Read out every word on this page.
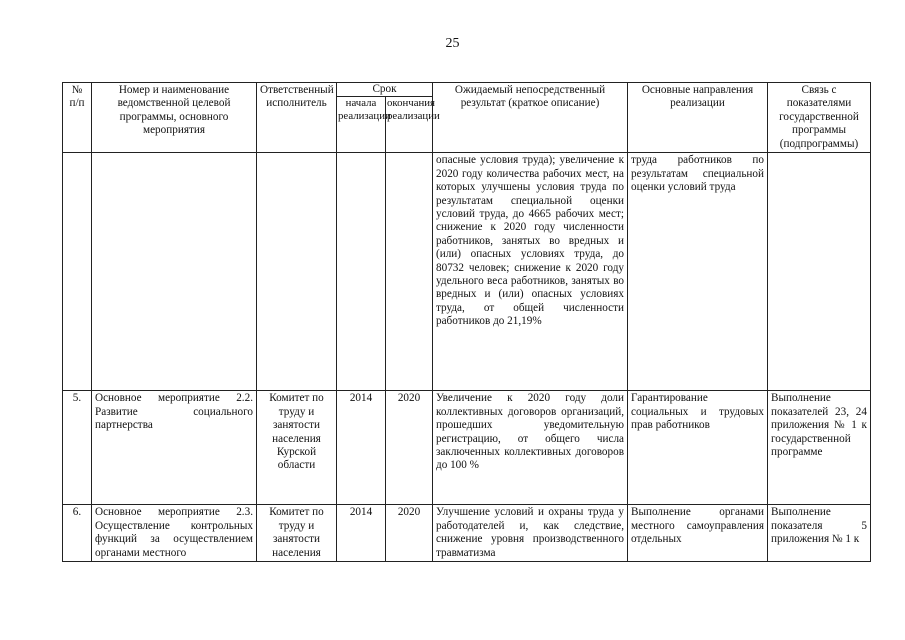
25
№ п/п	Номер и наименование ведомственной целевой программы, основного мероприятия	Ответственный исполнитель	Срок		Ожидаемый непосредственный результат (краткое описание)	Основные направления реализации	Связь с показателями государственной программы (подпрограммы)
			начала реализации	окончания реализации			
					опасные условия труда); увеличение к 2020 году количества рабочих мест, на которых улучшены условия труда по результатам специальной оценки условий труда, до 4665 рабочих мест; снижение к 2020 году численности работников, занятых во вредных и (или) опасных условиях труда, до 80732 человек; снижение к 2020 году удельного веса работников, занятых во вредных и (или) опасных условиях труда, от общей численности работников до 21,19%	труда работников по результатам специальной оценки условий труда	
5.	Основное мероприятие 2.2. Развитие социального партнерства	Комитет по труду и занятости населения Курской области	2014	2020	Увеличение к 2020 году доли коллективных договоров организаций, прошедших уведомительную регистрацию, от общего числа заключенных коллективных договоров до 100 %	Гарантирование социальных и трудовых прав работников	Выполнение показателей 23, 24 приложения № 1 к государственной программе
6.	Основное мероприятие 2.3. Осуществление контрольных функций за осуществлением органами местного	Комитет по труду и занятости населения	2014	2020	Улучшение условий и охраны труда у работодателей и, как следствие, снижение уровня производственного травматизма	Выполнение органами местного самоуправления отдельных	Выполнение показателя 5 приложения № 1 к
